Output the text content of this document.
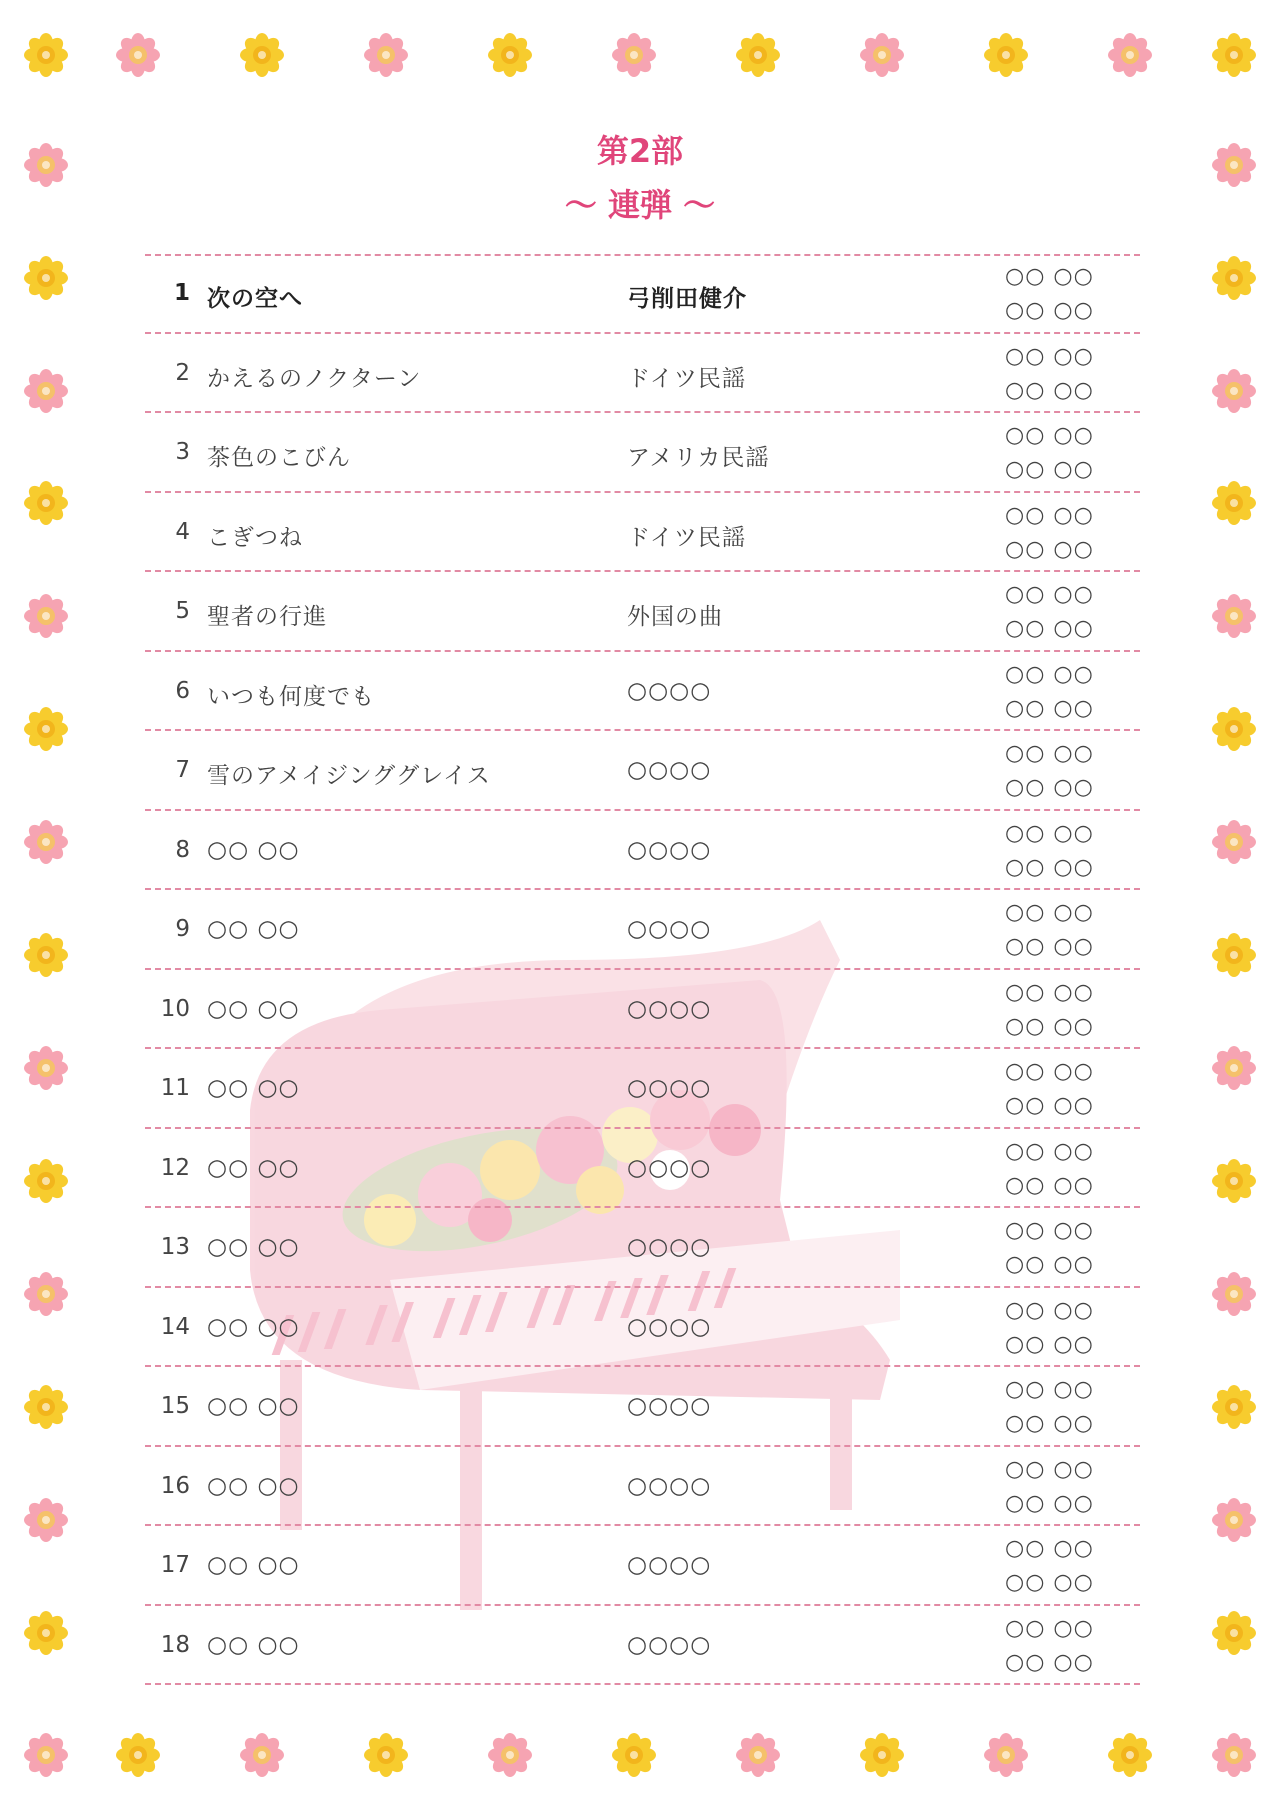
第2部
～ 連弾 ～
1 次の空へ	弓削田健介
○○ ○○
○○ ○○
2 かえるのノクターン	ドイツ民謡
○○ ○○
○○ ○○
3 茶色のこびん	アメリカ民謡
○○ ○○
○○ ○○
4 こぎつね	ドイツ民謡
○○ ○○
○○ ○○
5 聖者の行進	外国の曲
○○ ○○
○○ ○○
6 いつも何度でも	○○○○
○○ ○○
○○ ○○
7 雪のアメイジンググレイス	○○○○
○○ ○○
○○ ○○
8 ○○ ○○	○○○○
○○ ○○
○○ ○○
9 ○○ ○○	○○○○
○○ ○○
○○ ○○
10 ○○ ○○	○○○○
○○ ○○
○○ ○○
11 ○○ ○○	○○○○
○○ ○○
○○ ○○
12 ○○ ○○	○○○○
○○ ○○
○○ ○○
13 ○○ ○○	○○○○
○○ ○○
○○ ○○
14 ○○ ○○	○○○○
○○ ○○
○○ ○○
15 ○○ ○○	○○○○
○○ ○○
○○ ○○
16 ○○ ○○	○○○○
○○ ○○
○○ ○○
17 ○○ ○○	○○○○
○○ ○○
○○ ○○
18 ○○ ○○	○○○○
○○ ○○
○○ ○○
